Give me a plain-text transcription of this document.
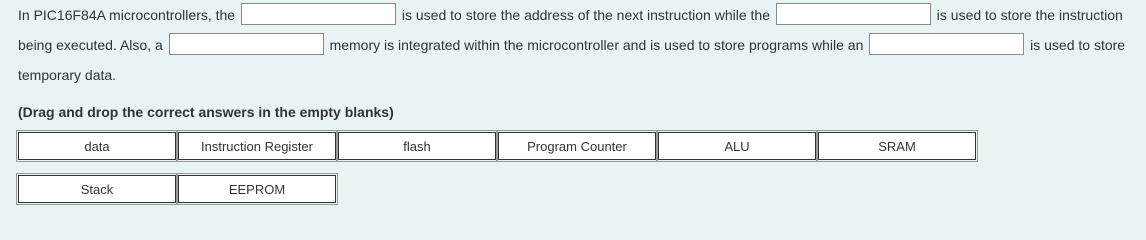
In PIC16F84A microcontrollers, the	is used to store the address of the next instruction while the	is used to store the instruction being executed. Also, a	memory is integrated within the microcontroller and is used to store programs while an	is used to store temporary data.
(Drag and drop the correct answers in the empty blanks)
data	Instruction Register	flash	Program Counter	ALU	SRAM
Stack	EEPROM
